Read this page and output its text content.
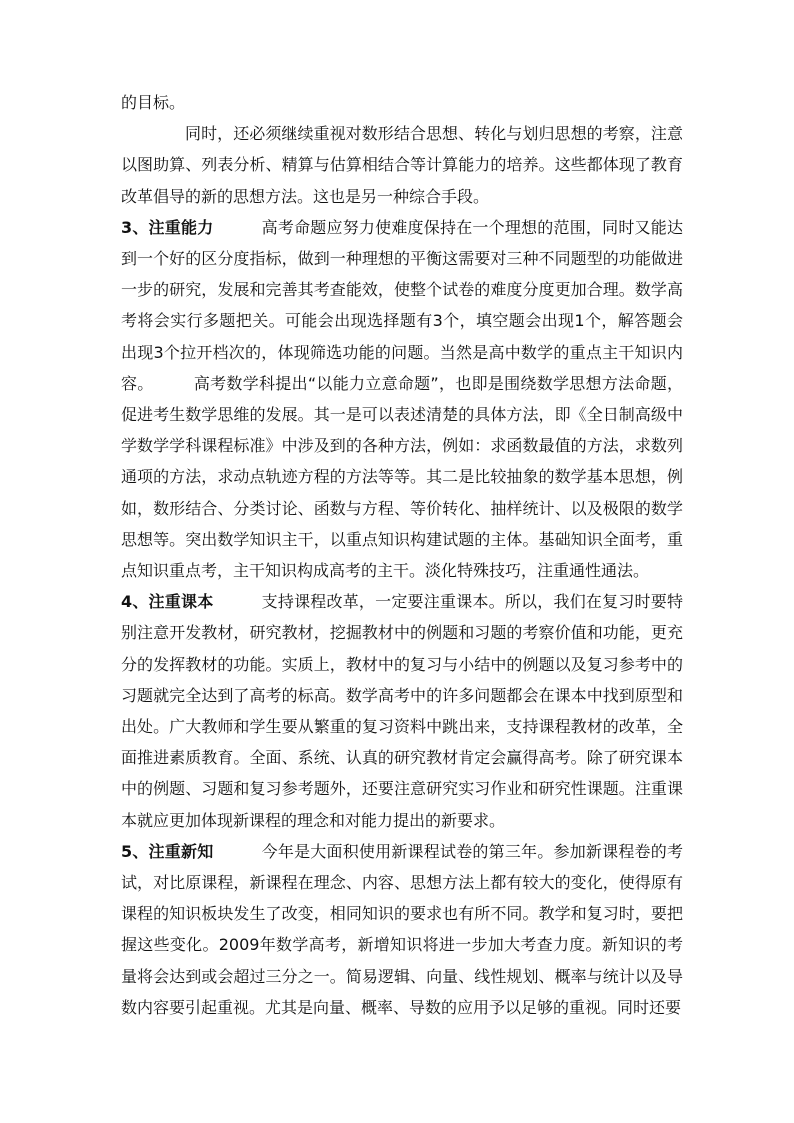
的目标。

同时，还必须继续重视对数形结合思想、转化与划归思想的考察，注意以图助算、列表分析、精算与估算相结合等计算能力的培养。这些都体现了教育改革倡导的新的思想方法。这也是另一种综合手段。

3、注重能力	高考命题应努力使难度保持在一个理想的范围，同时又能达到一个好的区分度指标，做到一种理想的平衡这需要对三种不同题型的功能做进一步的研究，发展和完善其考查能效，使整个试卷的难度分度更加合理。数学高考将会实行多题把关。可能会出现选择题有3个，填空题会出现1个，解答题会出现3个拉开档次的，体现筛选功能的问题。当然是高中数学的重点主干知识内容。	高考数学科提出“以能力立意命题”，也即是围绕数学思想方法命题，促进考生数学思维的发展。其一是可以表述清楚的具体方法，即《全日制高级中学数学学科课程标准》中涉及到的各种方法，例如：求函数最值的方法，求数列通项的方法，求动点轨迹方程的方法等等。其二是比较抽象的数学基本思想，例如，数形结合、分类讨论、函数与方程、等价转化、抽样统计、以及极限的数学思想等。突出数学知识主干，以重点知识构建试题的主体。基础知识全面考，重点知识重点考，主干知识构成高考的主干。淡化特殊技巧，注重通性通法。

4、注重课本	支持课程改革，一定要注重课本。所以，我们在复习时要特别注意开发教材，研究教材，挖掘教材中的例题和习题的考察价值和功能，更充分的发挥教材的功能。实质上，教材中的复习与小结中的例题以及复习参考中的习题就完全达到了高考的标高。数学高考中的许多问题都会在课本中找到原型和出处。广大教师和学生要从繁重的复习资料中跳出来，支持课程教材的改革，全面推进素质教育。全面、系统、认真的研究教材肯定会赢得高考。除了研究课本中的例题、习题和复习参考题外，还要注意研究实习作业和研究性课题。注重课本就应更加体现新课程的理念和对能力提出的新要求。

5、注重新知	今年是大面积使用新课程试卷的第三年。参加新课程卷的考试，对比原课程，新课程在理念、内容、思想方法上都有较大的变化，使得原有课程的知识板块发生了改变，相同知识的要求也有所不同。教学和复习时，要把握这些变化。2009年数学高考，新增知识将进一步加大考查力度。新知识的考量将会达到或会超过三分之一。简易逻辑、向量、线性规划、概率与统计以及导数内容要引起重视。尤其是向量、概率、导数的应用予以足够的重视。同时还要
